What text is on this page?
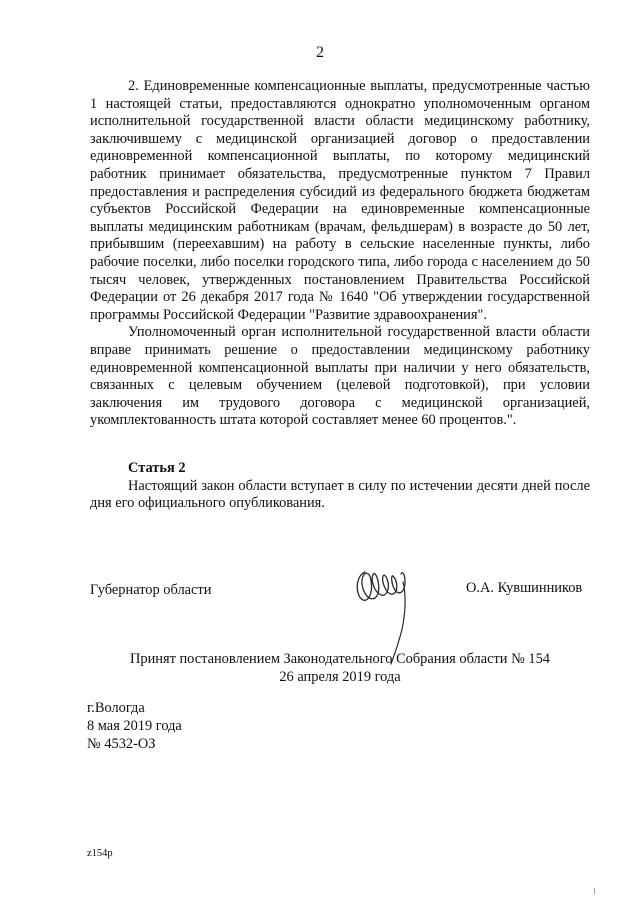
2

2. Единовременные компенсационные выплаты, предусмотренные частью 1 настоящей статьи, предоставляются однократно уполномоченным органом исполнительной государственной власти области медицинскому работнику, заключившему с медицинской организацией договор о предоставлении единовременной компенсационной выплаты, по которому медицинский работник принимает обязательства, предусмотренные пунктом 7 Правил предоставления и распределения субсидий из федерального бюджета бюджетам субъектов Российской Федерации на единовременные компенсационные выплаты медицинским работникам (врачам, фельдшерам) в возрасте до 50 лет, прибывшим (переехавшим) на работу в сельские населенные пункты, либо рабочие поселки, либо поселки городского типа, либо города с населением до 50 тысяч человек, утвержденных постановлением Правительства Российской Федерации от 26 декабря 2017 года № 1640 "Об утверждении государственной программы Российской Федерации "Развитие здравоохранения".

Уполномоченный орган исполнительной государственной власти области вправе принимать решение о предоставлении медицинскому работнику единовременной компенсационной выплаты при наличии у него обязательств, связанных с целевым обучением (целевой подготовкой), при условии заключения им трудового договора с медицинской организацией, укомплектованность штата которой составляет менее 60 процентов.".

Статья 2

Настоящий закон области вступает в силу по истечении десяти дней после дня его официального опубликования.

Губернатор области	О.А. Кувшинников
Принят постановлением Законодательного Собрания области № 154
26 апреля 2019 года
г.Вологда
8 мая 2019 года
№ 4532-ОЗ
z154p
